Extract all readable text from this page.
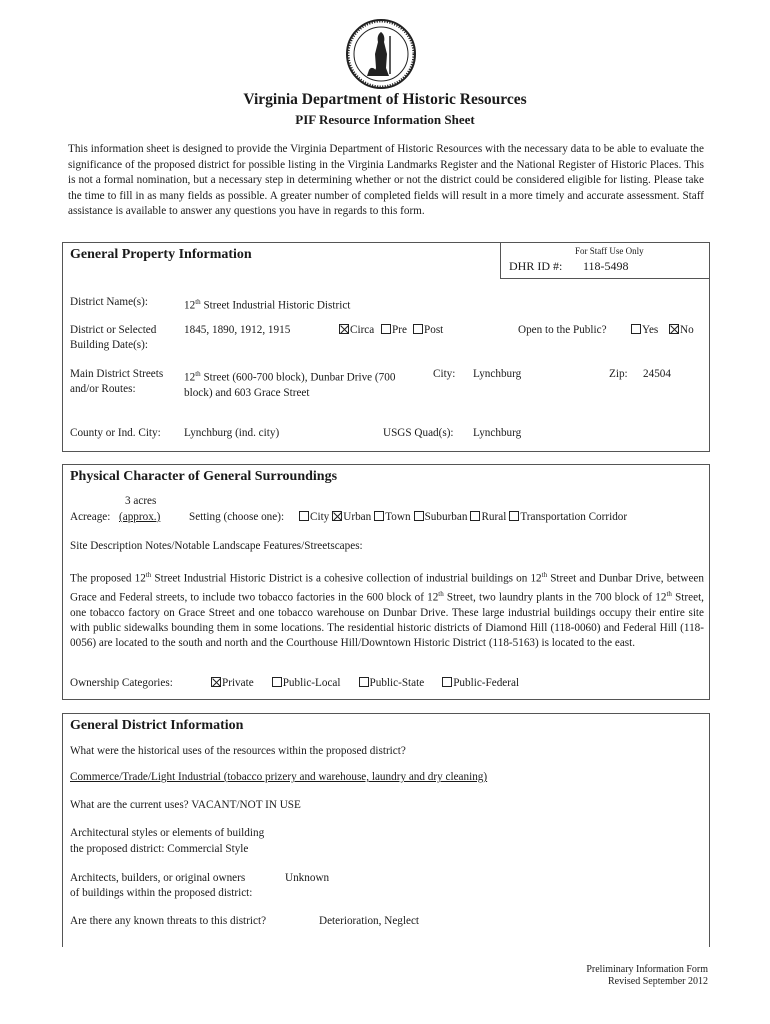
Virginia Department of Historic Resources
PIF Resource Information Sheet
This information sheet is designed to provide the Virginia Department of Historic Resources with the necessary data to be able to evaluate the significance of the proposed district for possible listing in the Virginia Landmarks Register and the National Register of Historic Places. This is not a formal nomination, but a necessary step in determining whether or not the district could be considered eligible for listing. Please take the time to fill in as many fields as possible. A greater number of completed fields will result in a more timely and accurate assessment. Staff assistance is available to answer any questions you have in regards to this form.
General Property Information	For Staff Use Only
DHR ID #: 118-5498
District Name(s):	12th Street Industrial Historic District
District or Selected Building Date(s):
1845, 1890, 1912, 1915	Circa	Pre	Post	Open to the Public?	Yes	No
Main District Streets and/or Routes:
12th Street (600-700 block), Dunbar Drive (700 block) and 603 Grace Street
City: Lynchburg	Zip: 24504
County or Ind. City: Lynchburg (ind. city)	USGS Quad(s): Lynchburg
Physical Character of General Surroundings
3 acres
Acreage: (approx.)	Setting (choose one):	City Urban Town Suburban Rural Transportation Corridor
Site Description Notes/Notable Landscape Features/Streetscapes:
The proposed 12th Street Industrial Historic District is a cohesive collection of industrial buildings on 12th Street and Dunbar Drive, between Grace and Federal streets, to include two tobacco factories in the 600 block of 12th Street, two laundry plants in the 700 block of 12th Street, one tobacco factory on Grace Street and one tobacco warehouse on Dunbar Drive. These large industrial buildings occupy their entire site with public sidewalks bounding them in some locations. The residential historic districts of Diamond Hill (118-0060) and Federal Hill (118-0056) are located to the south and north and the Courthouse Hill/Downtown Historic District (118-5163) is located to the east.
Ownership Categories:	Private	Public-Local	Public-State	Public-Federal
General District Information
What were the historical uses of the resources within the proposed district?
Commerce/Trade/Light Industrial (tobacco prizery and warehouse, laundry and dry cleaning)
What are the current uses? VACANT/NOT IN USE
Architectural styles or elements of building
the proposed district: Commercial Style
Architects, builders, or original owners	Unknown
of buildings within the proposed district:
Are there any known threats to this district?	Deterioration, Neglect
Preliminary Information Form
Revised September 2012
